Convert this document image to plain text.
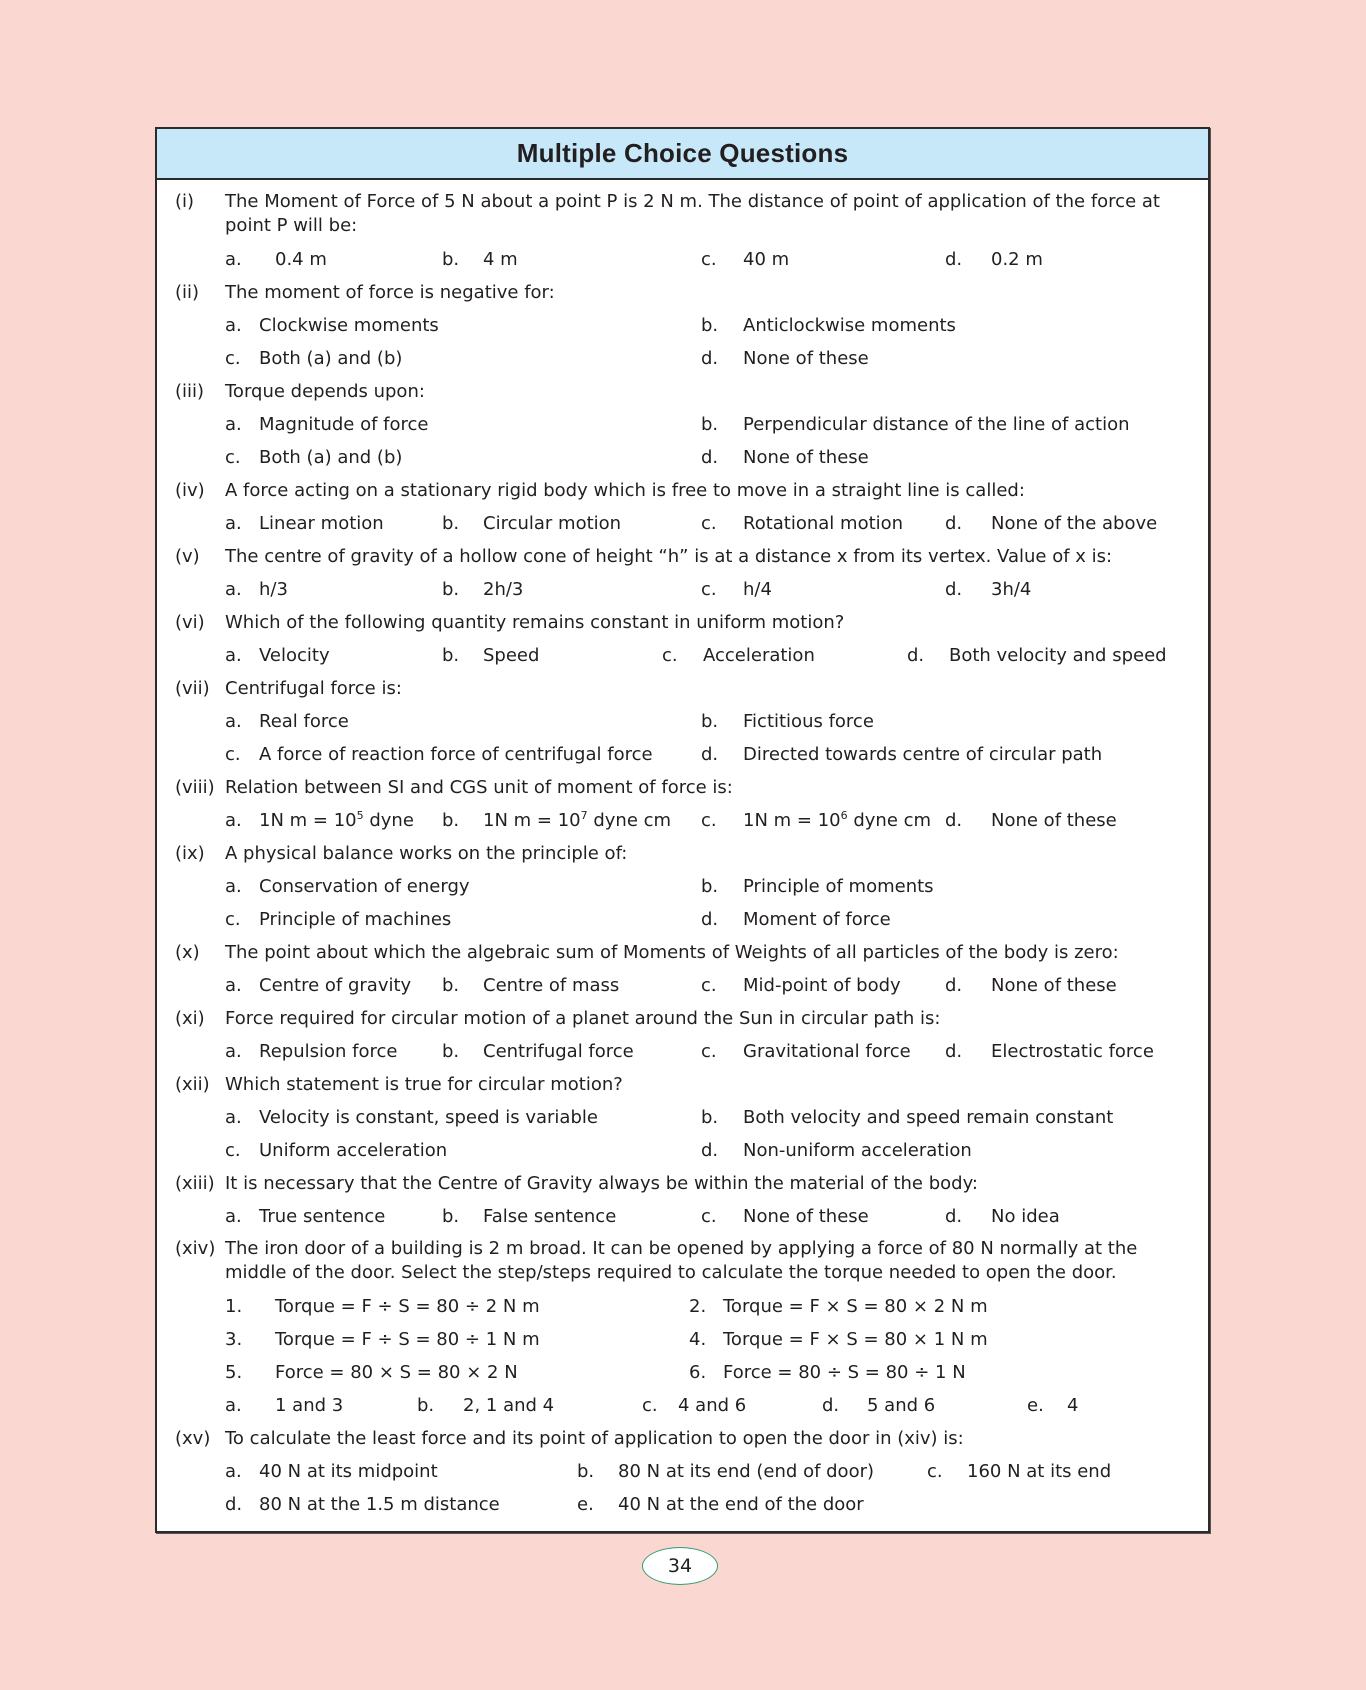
Multiple Choice Questions
(i) The Moment of Force of 5 N about a point P is 2 N m. The distance of point of application of the force at point P will be:
a. 0.4 m	b. 4 m	c. 40 m	d. 0.2 m
(ii) The moment of force is negative for:
a. Clockwise moments	b. Anticlockwise moments
c. Both (a) and (b)	d. None of these
(iii) Torque depends upon:
a. Magnitude of force	b. Perpendicular distance of the line of action
c. Both (a) and (b)	d. None of these
(iv) A force acting on a stationary rigid body which is free to move in a straight line is called:
a. Linear motion	b. Circular motion	c. Rotational motion d. None of the above
(v) The centre of gravity of a hollow cone of height “h” is at a distance x from its vertex. Value of x is:
a. h/3	b. 2h/3	c. h/4	d. 3h/4
(vi) Which of the following quantity remains constant in uniform motion?
a. Velocity	b. Speed	c. Acceleration	d. Both velocity and speed
(vii) Centrifugal force is:
a. Real force	b. Fictitious force
c. A force of reaction force of centrifugal force	d. Directed towards centre of circular path
(viii) Relation between SI and CGS unit of moment of force is:
a. 1N $m = 10^5$ dyne b. 1N $m = 10^7$ dyne cm c. 1N $m = 10^6$ dyne cm d. None of these
(ix) A physical balance works on the principle of:
a. Conservation of energy	b. Principle of moments
c. Principle of machines	d. Moment of force
(x) The point about which the algebraic sum of Moments of Weights of all particles of the body is zero:
a. Centre of gravity b. Centre of mass	c. Mid-point of body d. None of these
(xi) Force required for circular motion of a planet around the Sun in circular path is:
a. Repulsion force b. Centrifugal force	c. Gravitational force d. Electrostatic force
(xii) Which statement is true for circular motion?
a. Velocity is constant, speed is variable	b. Both velocity and speed remain constant
c. Uniform acceleration	d. Non-uniform acceleration
(xiii) It is necessary that the Centre of Gravity always be within the material of the body:
a. True sentence	b. False sentence	c. None of these	d. No idea
(xiv) The iron door of a building is 2 m broad. It can be opened by applying a force of 80 N normally at the middle of the door. Select the step/steps required to calculate the torque needed to open the door.
1. Torque = F ÷ S = 80 ÷ 2 N m	2. Torque = F × S = 80 × 2 N m
3. Torque = F ÷ S = 80 ÷ 1 N m	4. Torque = F × S = 80 × 1 N m
5. Force = 80 × S = 80 × 2 N	6. Force = 80 ÷ S = 80 ÷ 1 N
a. 1 and 3	b. 2, 1 and 4	c. 4 and 6	d. 5 and 6	e. 4
(xv) To calculate the least force and its point of application to open the door in (xiv) is:
a. 40 N at its midpoint	b. 80 N at its end (end of door)	c. 160 N at its end
d. 80 N at the 1.5 m distance	e. 40 N at the end of the door
34
